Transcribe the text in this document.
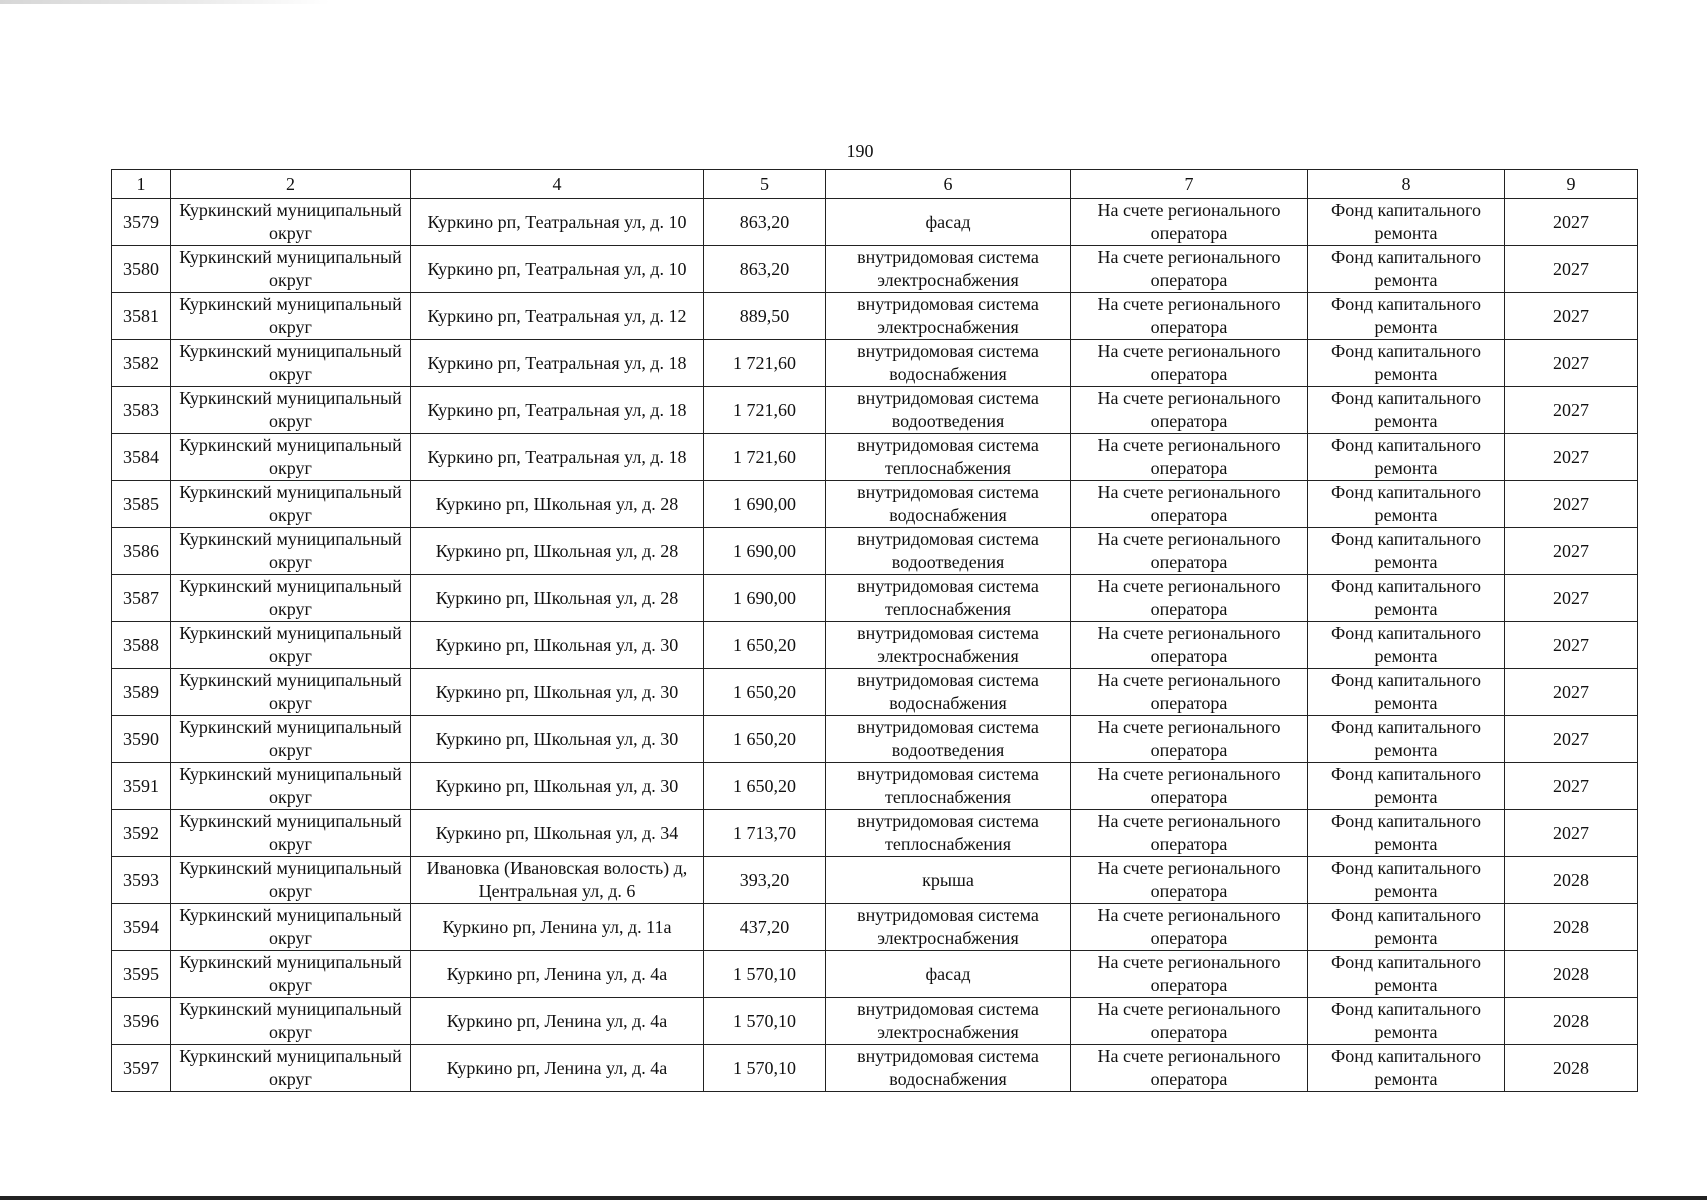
190
1	2	4	5	6	7	8	9
3579	Куркинский муниципальный округ	Куркино рп, Театральная ул, д. 10	863,20	фасад	На счете регионального оператора	Фонд капитального ремонта	2027
3580	Куркинский муниципальный округ	Куркино рп, Театральная ул, д. 10	863,20	внутридомовая система электроснабжения	На счете регионального оператора	Фонд капитального ремонта	2027
3581	Куркинский муниципальный округ	Куркино рп, Театральная ул, д. 12	889,50	внутридомовая система электроснабжения	На счете регионального оператора	Фонд капитального ремонта	2027
3582	Куркинский муниципальный округ	Куркино рп, Театральная ул, д. 18	1 721,60	внутридомовая система водоснабжения	На счете регионального оператора	Фонд капитального ремонта	2027
3583	Куркинский муниципальный округ	Куркино рп, Театральная ул, д. 18	1 721,60	внутридомовая система водоотведения	На счете регионального оператора	Фонд капитального ремонта	2027
3584	Куркинский муниципальный округ	Куркино рп, Театральная ул, д. 18	1 721,60	внутридомовая система теплоснабжения	На счете регионального оператора	Фонд капитального ремонта	2027
3585	Куркинский муниципальный округ	Куркино рп, Школьная ул, д. 28	1 690,00	внутридомовая система водоснабжения	На счете регионального оператора	Фонд капитального ремонта	2027
3586	Куркинский муниципальный округ	Куркино рп, Школьная ул, д. 28	1 690,00	внутридомовая система водоотведения	На счете регионального оператора	Фонд капитального ремонта	2027
3587	Куркинский муниципальный округ	Куркино рп, Школьная ул, д. 28	1 690,00	внутридомовая система теплоснабжения	На счете регионального оператора	Фонд капитального ремонта	2027
3588	Куркинский муниципальный округ	Куркино рп, Школьная ул, д. 30	1 650,20	внутридомовая система электроснабжения	На счете регионального оператора	Фонд капитального ремонта	2027
3589	Куркинский муниципальный округ	Куркино рп, Школьная ул, д. 30	1 650,20	внутридомовая система водоснабжения	На счете регионального оператора	Фонд капитального ремонта	2027
3590	Куркинский муниципальный округ	Куркино рп, Школьная ул, д. 30	1 650,20	внутридомовая система водоотведения	На счете регионального оператора	Фонд капитального ремонта	2027
3591	Куркинский муниципальный округ	Куркино рп, Школьная ул, д. 30	1 650,20	внутридомовая система теплоснабжения	На счете регионального оператора	Фонд капитального ремонта	2027
3592	Куркинский муниципальный округ	Куркино рп, Школьная ул, д. 34	1 713,70	внутридомовая система теплоснабжения	На счете регионального оператора	Фонд капитального ремонта	2027
3593	Куркинский муниципальный округ	Ивановка (Ивановская волость) д, Центральная ул, д. 6	393,20	крыша	На счете регионального оператора	Фонд капитального ремонта	2028
3594	Куркинский муниципальный округ	Куркино рп, Ленина ул, д. 11а	437,20	внутридомовая система электроснабжения	На счете регионального оператора	Фонд капитального ремонта	2028
3595	Куркинский муниципальный округ	Куркино рп, Ленина ул, д. 4а	1 570,10	фасад	На счете регионального оператора	Фонд капитального ремонта	2028
3596	Куркинский муниципальный округ	Куркино рп, Ленина ул, д. 4а	1 570,10	внутридомовая система электроснабжения	На счете регионального оператора	Фонд капитального ремонта	2028
3597	Куркинский муниципальный округ	Куркино рп, Ленина ул, д. 4а	1 570,10	внутридомовая система водоснабжения	На счете регионального оператора	Фонд капитального ремонта	2028
